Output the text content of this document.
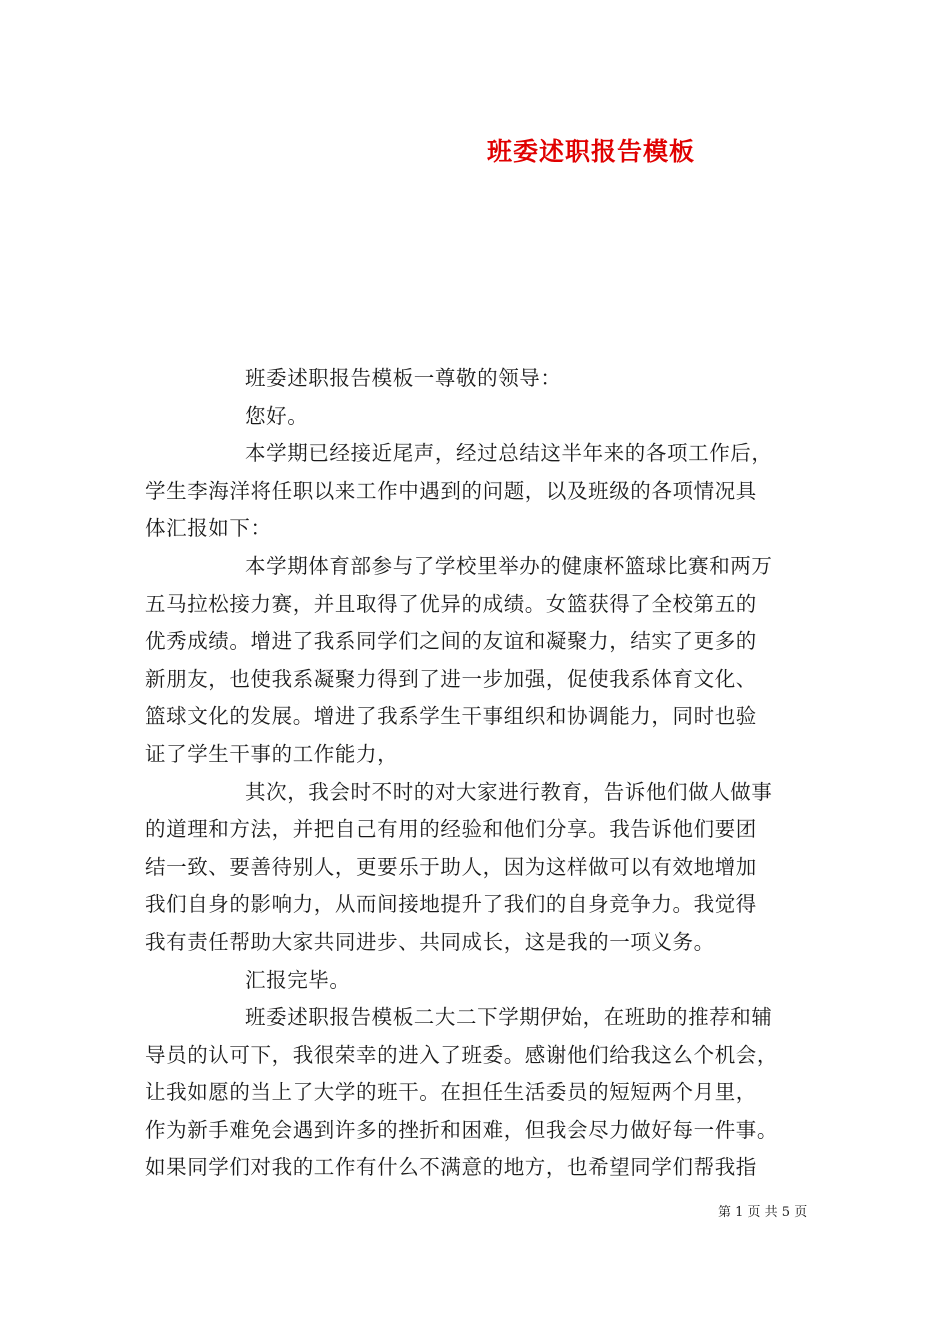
班委述职报告模板
班委述职报告模板一尊敬的领导：
您好。
本学期已经接近尾声，经过总结这半年来的各项工作后，
学生李海洋将任职以来工作中遇到的问题，以及班级的各项情况具
体汇报如下：
本学期体育部参与了学校里举办的健康杯篮球比赛和两万
五马拉松接力赛，并且取得了优异的成绩。女篮获得了全校第五的
优秀成绩。增进了我系同学们之间的友谊和凝聚力，结实了更多的
新朋友，也使我系凝聚力得到了进一步加强，促使我系体育文化、
篮球文化的发展。增进了我系学生干事组织和协调能力，同时也验
证了学生干事的工作能力，
其次，我会时不时的对大家进行教育，告诉他们做人做事
的道理和方法，并把自己有用的经验和他们分享。我告诉他们要团
结一致、要善待别人，更要乐于助人，因为这样做可以有效地增加
我们自身的影响力，从而间接地提升了我们的自身竞争力。我觉得
我有责任帮助大家共同进步、共同成长，这是我的一项义务。
汇报完毕。
班委述职报告模板二大二下学期伊始，在班助的推荐和辅
导员的认可下，我很荣幸的进入了班委。感谢他们给我这么个机会，
让我如愿的当上了大学的班干。在担任生活委员的短短两个月里，
作为新手难免会遇到许多的挫折和困难，但我会尽力做好每一件事。
如果同学们对我的工作有什么不满意的地方，也希望同学们帮我指
第 1 页 共 5 页
